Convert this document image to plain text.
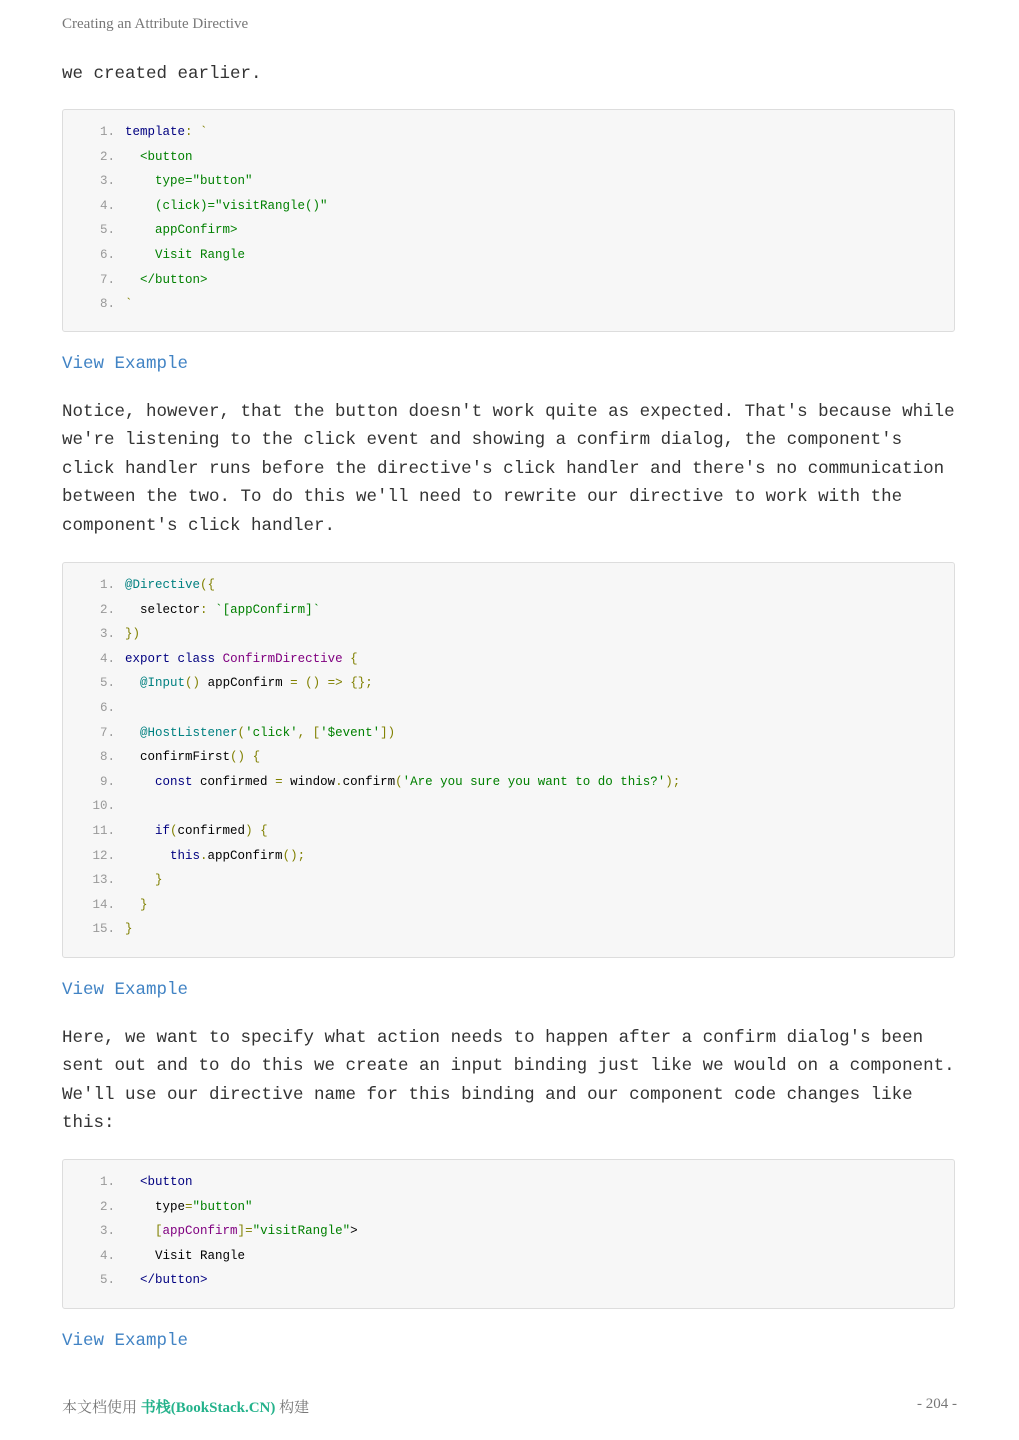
Creating an Attribute Directive

we created earlier.

1. template: `
2. <button
3. type="button"
4. (click)="visitRangle()"
5. appConfirm>
6. Visit Rangle
7. </button>
8. `
View Example

Notice, however, that the button doesn't work quite as expected. That's because while we're listening to the click event and showing a confirm dialog, the component's click handler runs before the directive's click handler and there's no communication between the two. To do this we'll need to rewrite our directive to work with the component's click handler.

1. @Directive({
2.	selector: `[appConfirm]`
3. })
4. export class ConfirmDirective {
5.	@Input() appConfirm = () => {};
6.
7.	@HostListener('click', ['$event'])
8.	confirmFirst() {
9.	const confirmed = window.confirm('Are you sure you want to do this?');
10.
11.	if(confirmed) {
12.	this.appConfirm();
13.	}
14.	}
15. }
View Example

Here, we want to specify what action needs to happen after a confirm dialog's been sent out and to do this we create an input binding just like we would on a component. We'll use our directive name for this binding and our component code changes like this:

1.	<button
2. type="button"
3.	[appConfirm]="visitRangle">
4. Visit Rangle
5.	</button>
View Example
本文档使用 书栈(BookStack.CN) 构建	- 204 -
